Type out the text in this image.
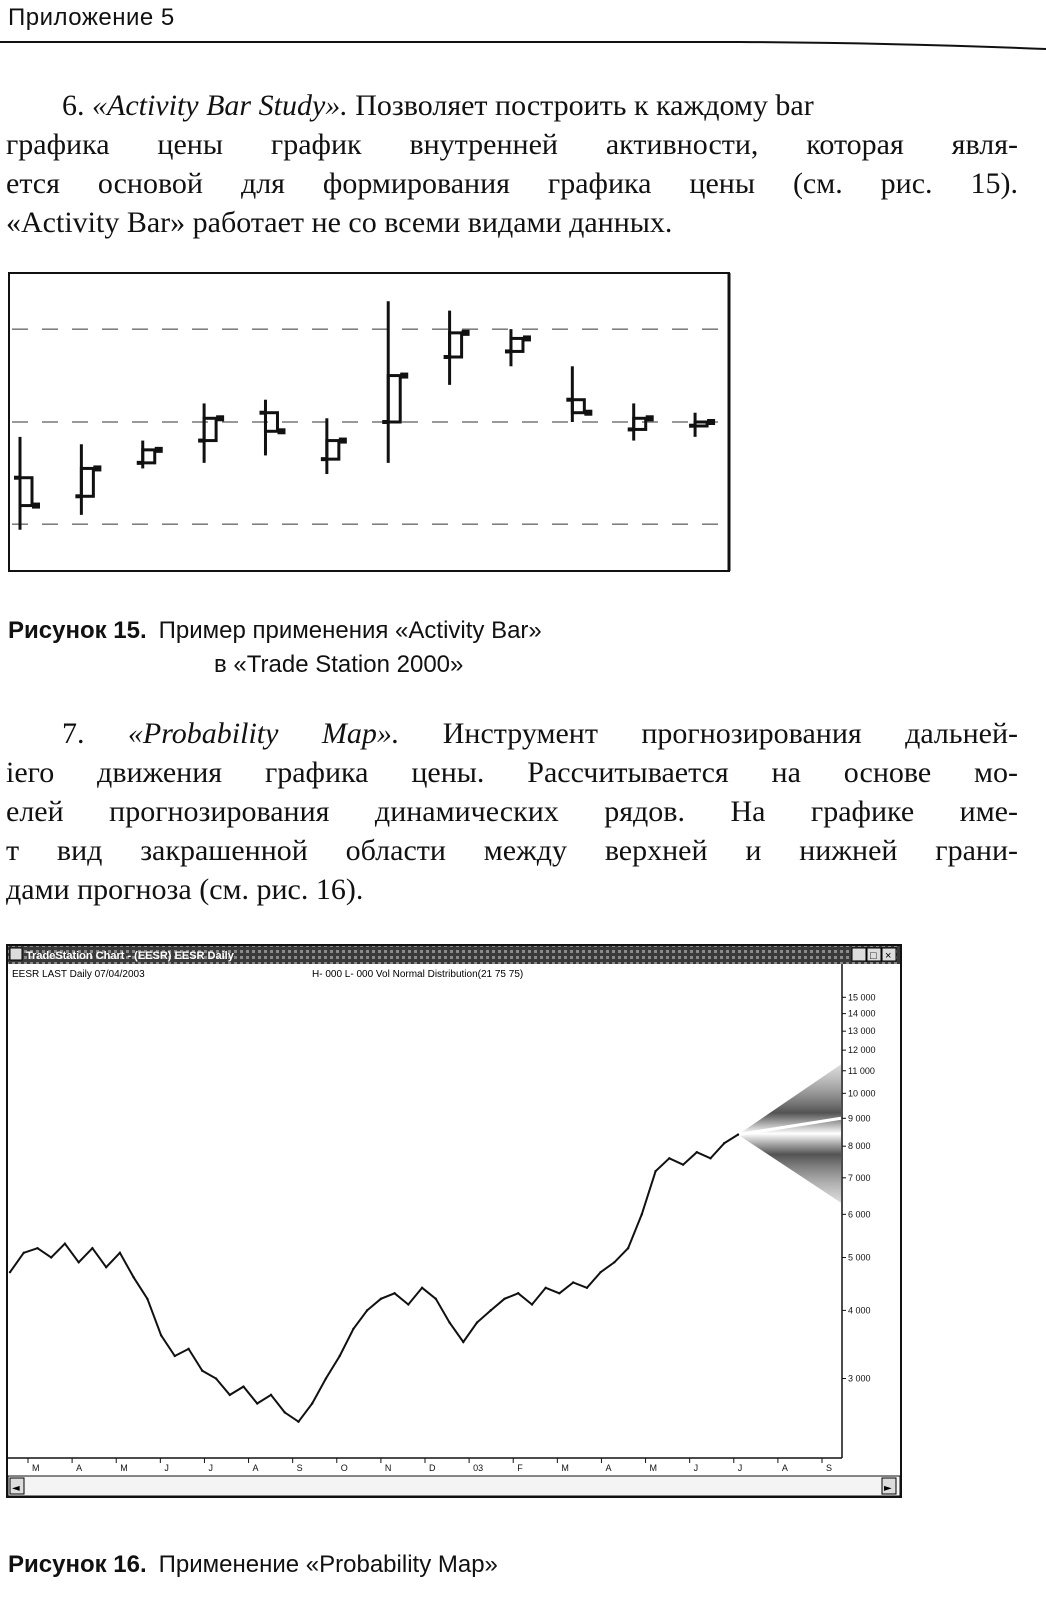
Приложение 5
6. «Activity Bar Study». Позволяет построить к каждому bar
графика цены график внутренней активности, которая явля-
ется основой для формирования графика цены (см. рис. 15).
«Activity Bar» работает не со всеми видами данных.
Рисунок 15. Пример применения «Activity Bar»
в «Trade Station 2000»
7. «Probability Map». Инструмент прогнозирования дальней-
іего движения графика цены. Рассчитывается на основе мо-
елей прогнозирования динамических рядов. На графике име-
т вид закрашенной области между верхней и нижней грани-
дами прогноза (см. рис. 16).
TradeStation Chart - (EESR) EESR Daily	_ □ ×
EESR LAST Daily 07/04/2003	H- 000 L- 000 Vol Normal Distribution(21 75 75)
15 000
14 000
13 000
12 000
11 000
10 000
9 000
8 000
7 000
6 000
5 000
4 000
3 000
M	A	M	J	J	A	S	O	N	D	03	F	M	A	M	J	J	A	S
◄	►
Рисунок 16. Применение «Probability Map»
